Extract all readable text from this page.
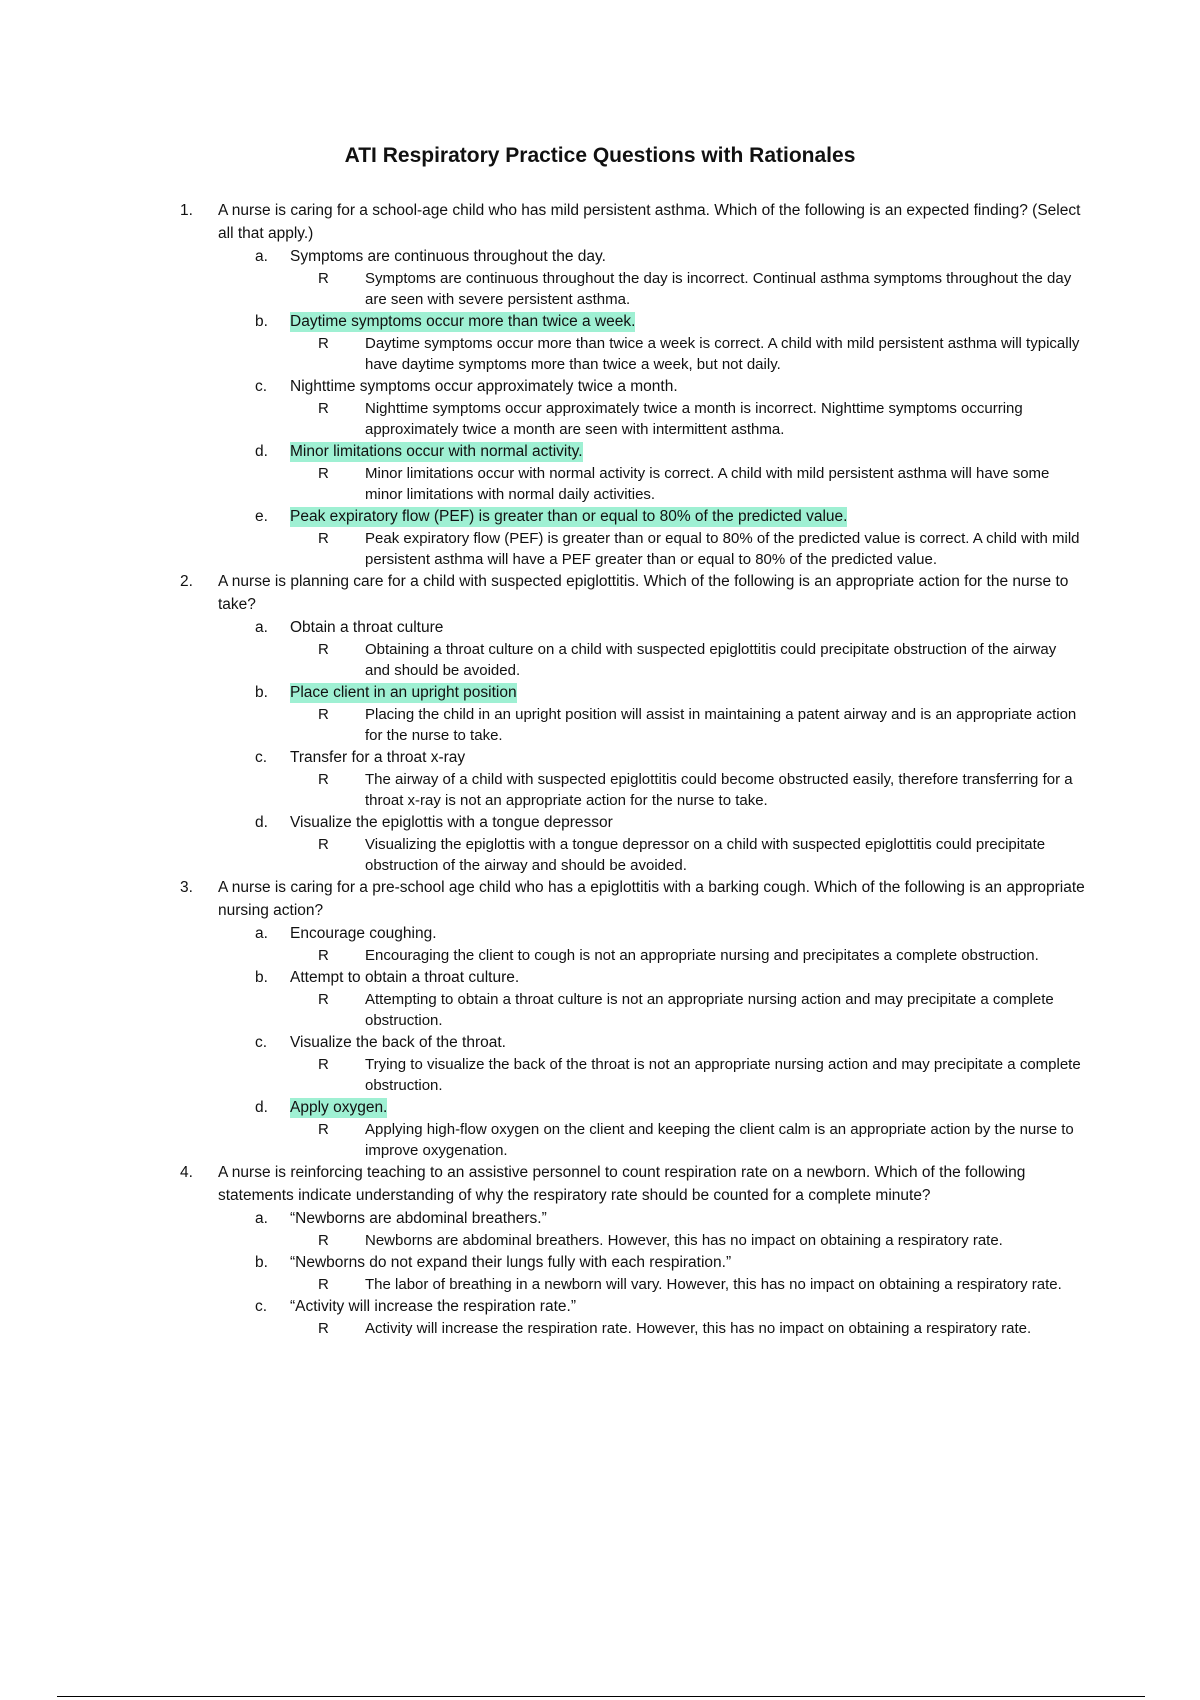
ATI Respiratory Practice Questions with Rationales
1. A nurse is caring for a school-age child who has mild persistent asthma. Which of the following is an expected finding? (Select all that apply.)
a. Symptoms are continuous throughout the day.
R Symptoms are continuous throughout the day is incorrect. Continual asthma symptoms throughout the day are seen with severe persistent asthma.
b. Daytime symptoms occur more than twice a week.
R Daytime symptoms occur more than twice a week is correct. A child with mild persistent asthma will typically have daytime symptoms more than twice a week, but not daily.
c. Nighttime symptoms occur approximately twice a month.
R Nighttime symptoms occur approximately twice a month is incorrect. Nighttime symptoms occurring approximately twice a month are seen with intermittent asthma.
d. Minor limitations occur with normal activity.
R Minor limitations occur with normal activity is correct. A child with mild persistent asthma will have some minor limitations with normal daily activities.
e. Peak expiratory flow (PEF) is greater than or equal to 80% of the predicted value.
R Peak expiratory flow (PEF) is greater than or equal to 80% of the predicted value is correct. A child with mild persistent asthma will have a PEF greater than or equal to 80% of the predicted value.
2. A nurse is planning care for a child with suspected epiglottitis. Which of the following is an appropriate action for the nurse to take?
a. Obtain a throat culture
R Obtaining a throat culture on a child with suspected epiglottitis could precipitate obstruction of the airway and should be avoided.
b. Place client in an upright position
R Placing the child in an upright position will assist in maintaining a patent airway and is an appropriate action for the nurse to take.
c. Transfer for a throat x-ray
R The airway of a child with suspected epiglottitis could become obstructed easily, therefore transferring for a throat x-ray is not an appropriate action for the nurse to take.
d. Visualize the epiglottis with a tongue depressor
R Visualizing the epiglottis with a tongue depressor on a child with suspected epiglottitis could precipitate obstruction of the airway and should be avoided.
3. A nurse is caring for a pre-school age child who has a epiglottitis with a barking cough. Which of the following is an appropriate nursing action?
a. Encourage coughing.
R Encouraging the client to cough is not an appropriate nursing and precipitates a complete obstruction.
b. Attempt to obtain a throat culture.
R Attempting to obtain a throat culture is not an appropriate nursing action and may precipitate a complete obstruction.
c. Visualize the back of the throat.
R Trying to visualize the back of the throat is not an appropriate nursing action and may precipitate a complete obstruction.
d. Apply oxygen.
R Applying high-flow oxygen on the client and keeping the client calm is an appropriate action by the nurse to improve oxygenation.
4. A nurse is reinforcing teaching to an assistive personnel to count respiration rate on a newborn. Which of the following statements indicate understanding of why the respiratory rate should be counted for a complete minute?
a. “Newborns are abdominal breathers.”
R Newborns are abdominal breathers. However, this has no impact on obtaining a respiratory rate.
b. “Newborns do not expand their lungs fully with each respiration.”
R The labor of breathing in a newborn will vary. However, this has no impact on obtaining a respiratory rate.
c. “Activity will increase the respiration rate.”
R Activity will increase the respiration rate. However, this has no impact on obtaining a respiratory rate.
